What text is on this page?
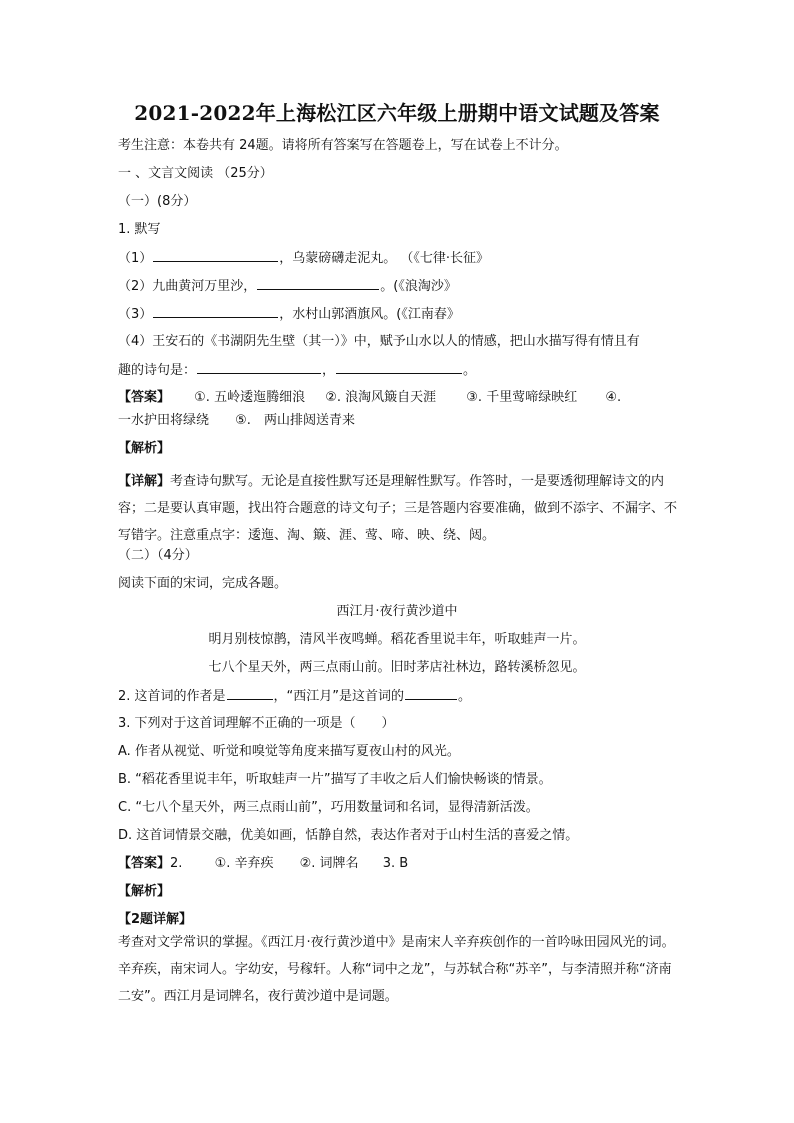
2021-2022年上海松江区六年级上册期中语文试题及答案
考生注意：本卷共有 24题。请将所有答案写在答题卷上，写在试卷上不计分。
一 、文言文阅读 （25分）
（一）(8分）
1. 默写
（1）	，乌蒙磅礴走泥丸。 （《七律·长征》
（2）九曲黄河万里沙，	。(《浪淘沙》
（3）	，水村山郭酒旗风。(《江南春》
（4）王安石的《书湖阴先生壁（其一）》中，赋予山水以人的情感，把山水描写得有情且有
趣的诗句是：	，	。
【答案】 ①. 五岭逶迤腾细浪 ②. 浪淘风簸自天涯 ③. 千里莺啼绿映红 ④.
一水护田将绿绕 ⑤.　两山排闼送青来
【解析】
【详解】考查诗句默写。无论是直接性默写还是理解性默写。作答时，一是要透彻理解诗文的内容；二是要认真审题，找出符合题意的诗文句子；三是答题内容要准确，做到不添字、不漏字、不写错字。注意重点字：逶迤、淘、簸、涯、莺、啼、映、绕、闼。
（二）（4分）
阅读下面的宋词，完成各题。
西江月·夜行黄沙道中
明月别枝惊鹊，清风半夜鸣蝉。稻花香里说丰年，听取蛙声一片。
七八个星天外，两三点雨山前。旧时茅店社林边，路转溪桥忽见。
2. 这首词的作者是	，“西江月”是这首词的	。
3. 下列对于这首词理解不正确的一项是（　　）
A. 作者从视觉、听觉和嗅觉等角度来描写夏夜山村的风光。
B. “稻花香里说丰年，听取蛙声一片”描写了丰收之后人们愉快畅谈的情景。
C. “七八个星天外，两三点雨山前”，巧用数量词和名词，显得清新活泼。
D. 这首词情景交融，优美如画，恬静自然，表达作者对于山村生活的喜爱之情。
【答案】2. ①. 辛弃疾 ②. 词牌名 3. B
【解析】
【2题详解】
考查对文学常识的掌握。《西江月·夜行黄沙道中》是南宋人辛弃疾创作的一首吟咏田园风光的词。辛弃疾，南宋词人。字幼安，号稼轩。人称“词中之龙”，与苏轼合称“苏辛”，与李清照并称“济南二安”。西江月是词牌名，夜行黄沙道中是词题。
